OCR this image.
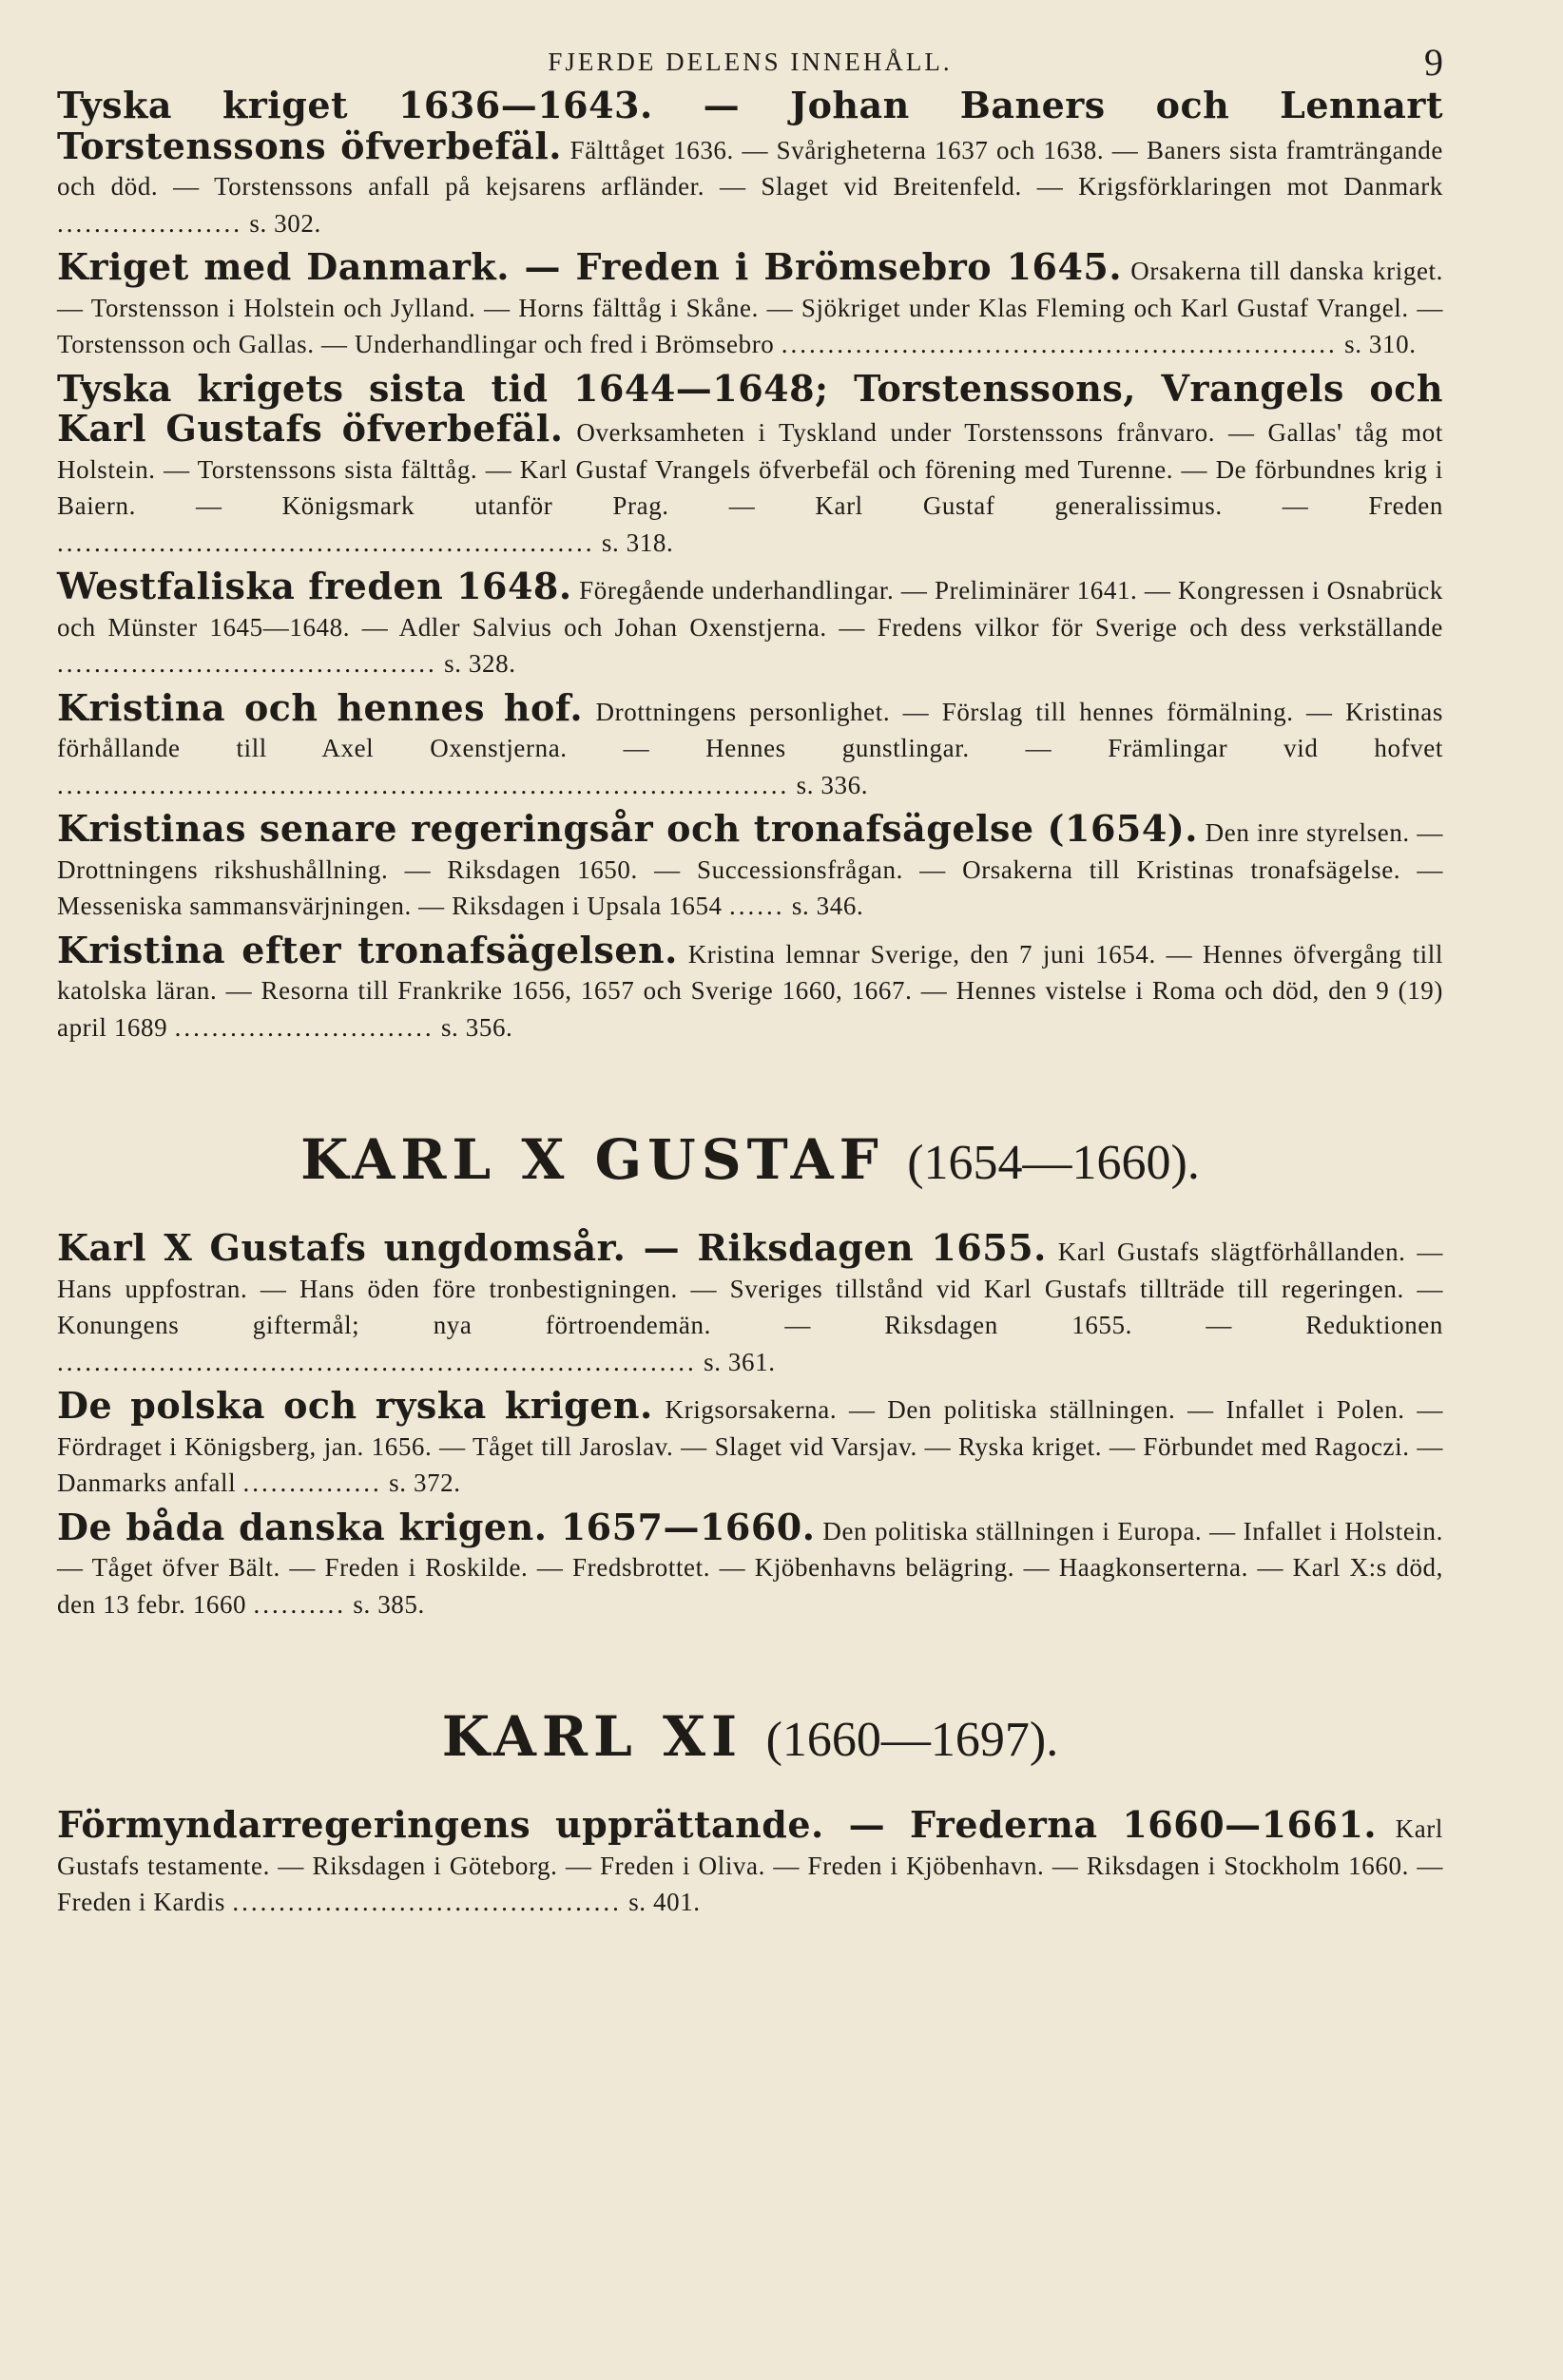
FJERDE DELENS INNEHÅLL.	9

Tyska kriget 1636—1643. — Johan Baners och Lennart Torstenssons öfverbefäl. Fälttåget 1636. — Svårigheterna 1637 och 1638. — Baners sista framträngande och död. — Torstenssons anfall på kejsarens arfländer. — Slaget vid Breitenfeld. — Krigsförklaringen mot Danmark .................... s. 302.

Kriget med Danmark. — Freden i Brömsebro 1645. Orsakerna till danska kriget. — Torstensson i Holstein och Jylland. — Horns fälttåg i Skåne. — Sjökriget under Klas Fleming och Karl Gustaf Vrangel. — Torstensson och Gallas. — Underhandlingar och fred i Brömsebro ............................................................ s. 310.

Tyska krigets sista tid 1644—1648; Torstenssons, Vrangels och Karl Gustafs öfverbefäl. Overksamheten i Tyskland under Torstenssons frånvaro. — Gallas' tåg mot Holstein. — Torstenssons sista fälttåg. — Karl Gustaf Vrangels öfverbefäl och förening med Turenne. — De förbundnes krig i Baiern. — Königsmark utanför Prag. — Karl Gustaf generalissimus. — Freden .......................................................... s. 318.

Westfaliska freden 1648. Föregående underhandlingar. — Preliminärer 1641. — Kongressen i Osnabrück och Münster 1645—1648. — Adler Salvius och Johan Oxenstjerna. — Fredens vilkor för Sverige och dess verkställande ......................................... s. 328.

Kristina och hennes hof. Drottningens personlighet. — Förslag till hennes förmälning. — Kristinas förhållande till Axel Oxenstjerna. — Hennes gunstlingar. — Främlingar vid hofvet ............................................................................... s. 336.

Kristinas senare regeringsår och tronafsägelse (1654). Den inre styrelsen. — Drottningens rikshushållning. — Riksdagen 1650. — Successionsfrågan. — Orsakerna till Kristinas tronafsägelse. — Messeniska sammansvärjningen. — Riksdagen i Upsala 1654 ...... s. 346.

Kristina efter tronafsägelsen. Kristina lemnar Sverige, den 7 juni 1654. — Hennes öfvergång till katolska läran. — Resorna till Frankrike 1656, 1657 och Sverige 1660, 1667. — Hennes vistelse i Roma och död, den 9 (19) april 1689 ............................ s. 356.

KARL X GUSTAF (1654—1660).

Karl X Gustafs ungdomsår. — Riksdagen 1655. Karl Gustafs slägtförhållanden. — Hans uppfostran. — Hans öden före tronbestigningen. — Sveriges tillstånd vid Karl Gustafs tillträde till regeringen. — Konungens giftermål; nya förtroendemän. — Riksdagen 1655. — Reduktionen ..................................................................... s. 361.

De polska och ryska krigen. Krigsorsakerna. — Den politiska ställningen. — Infallet i Polen. — Fördraget i Königsberg, jan. 1656. — Tåget till Jaroslav. — Slaget vid Varsjav. — Ryska kriget. — Förbundet med Ragoczi. — Danmarks anfall ............... s. 372.

De båda danska krigen. 1657—1660. Den politiska ställningen i Europa. — Infallet i Holstein. — Tåget öfver Bält. — Freden i Roskilde. — Fredsbrottet. — Kjöbenhavns belägring. — Haagkonserterna. — Karl X:s död, den 13 febr. 1660 .......... s. 385.

KARL XI (1660—1697).

Förmyndarregeringens upprättande. — Frederna 1660—1661. Karl Gustafs testamente. — Riksdagen i Göteborg. — Freden i Oliva. — Freden i Kjöbenhavn. — Riksdagen i Stockholm 1660. — Freden i Kardis .......................................... s. 401.
